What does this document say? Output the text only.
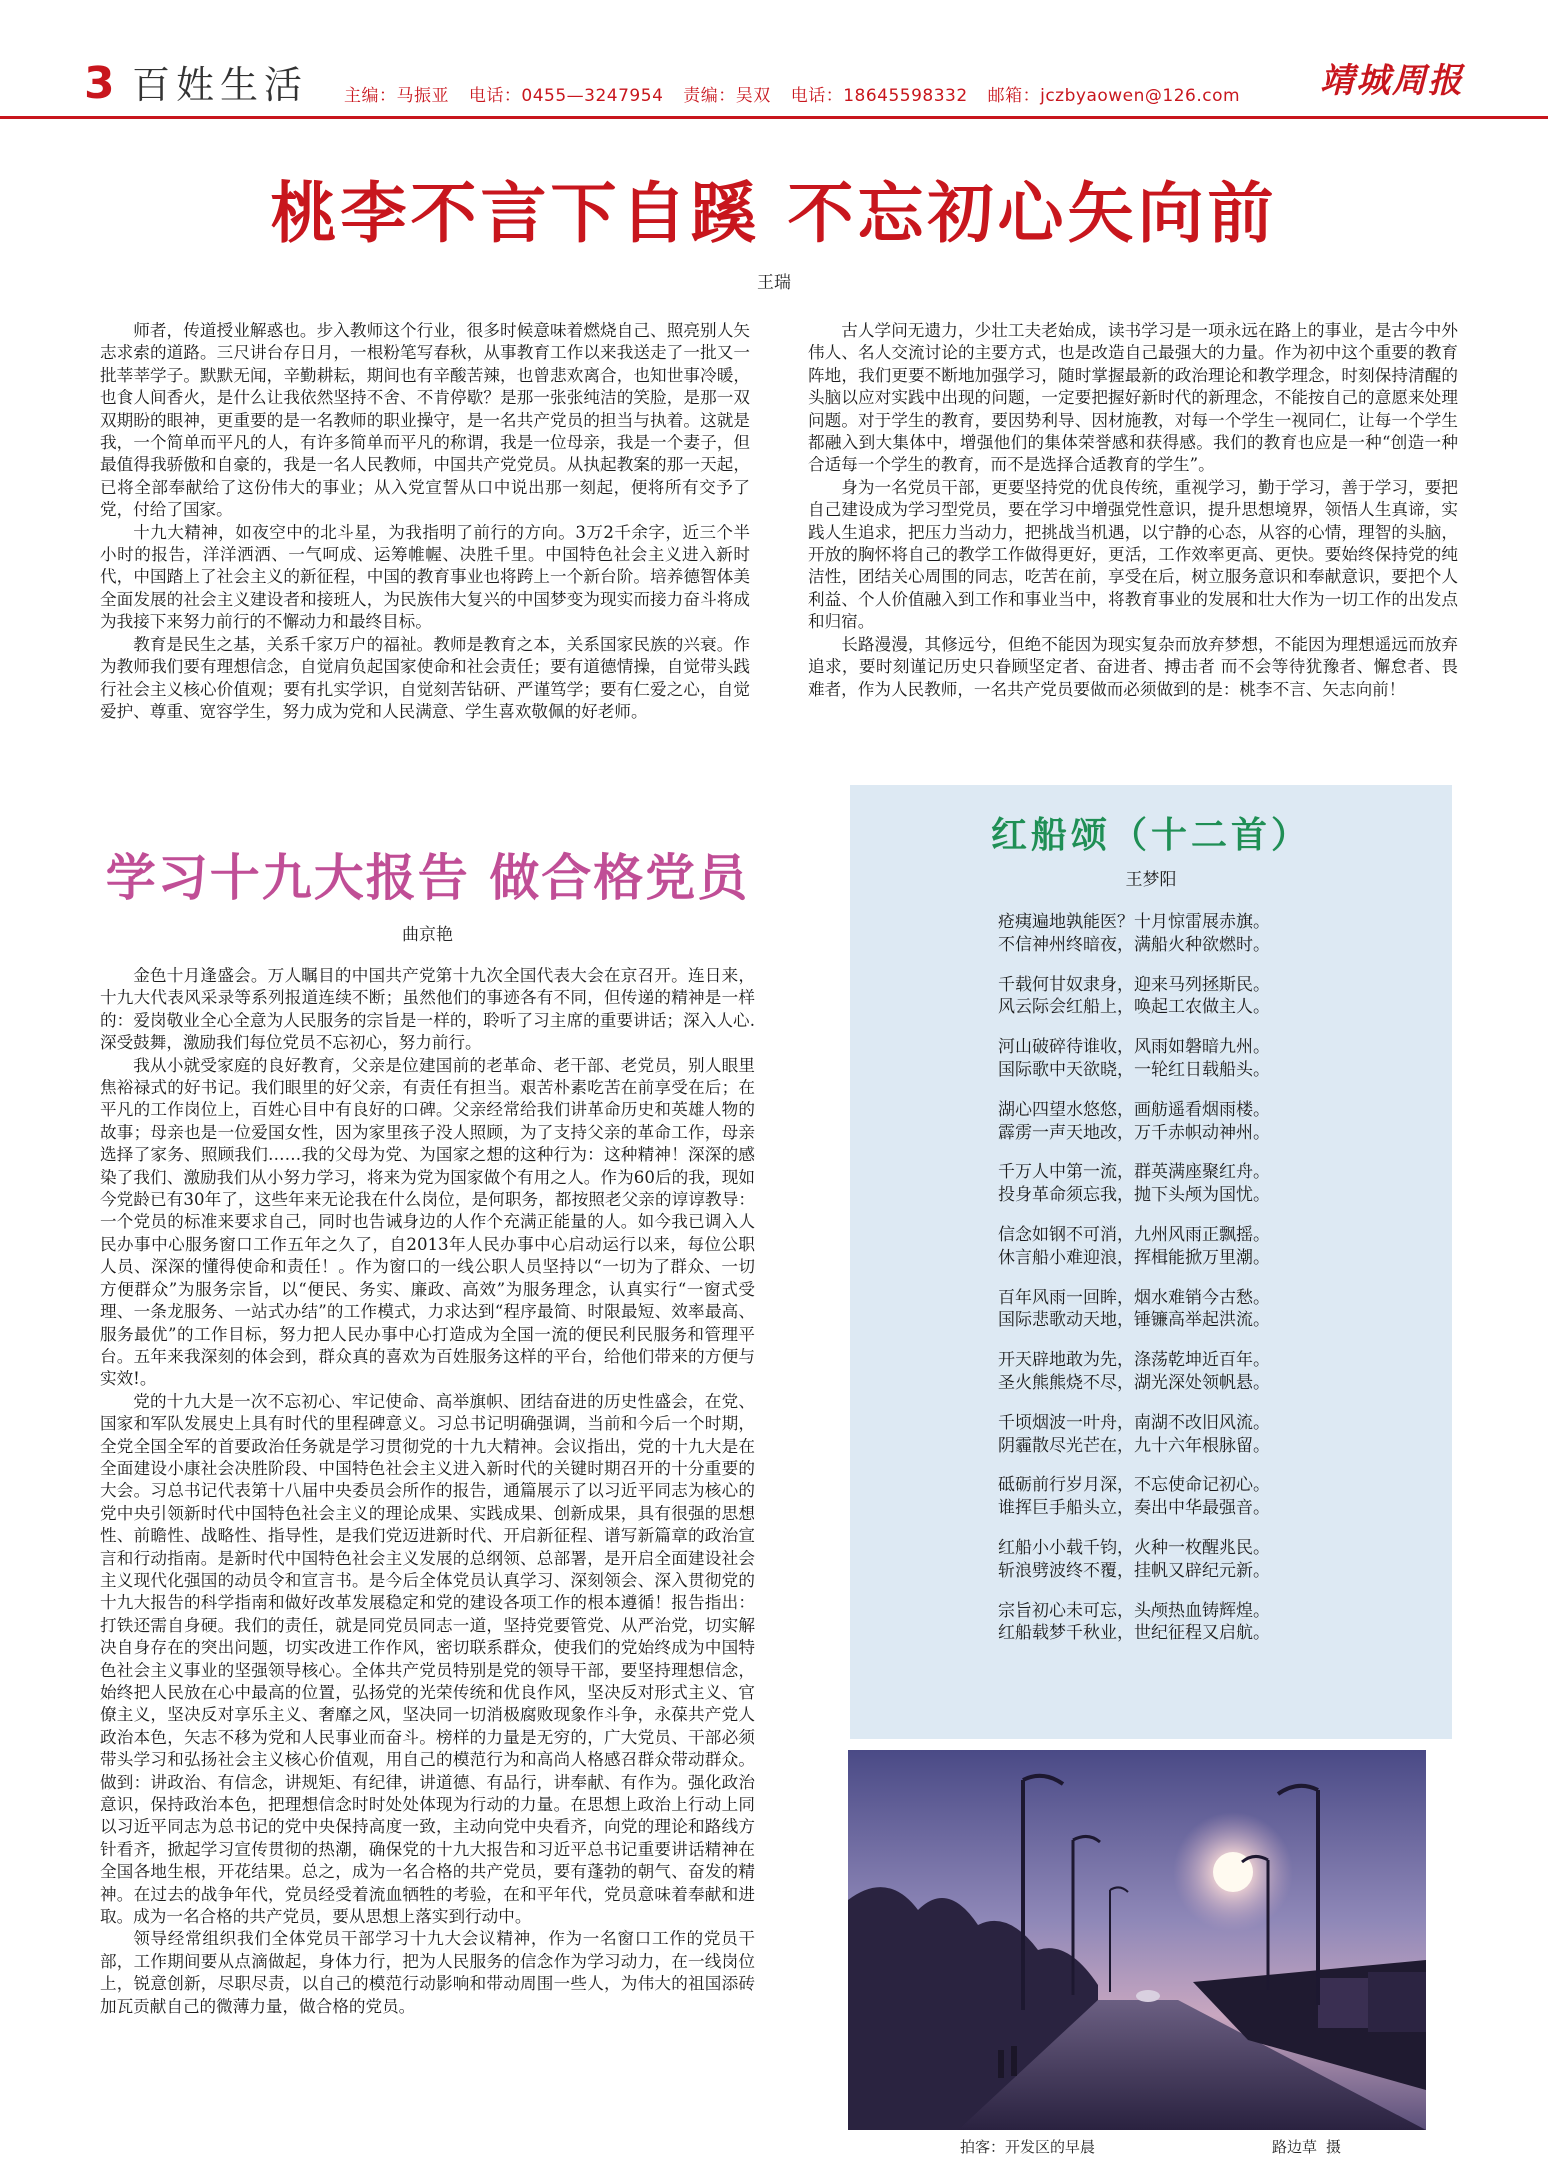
3 百姓生活 主编：马振亚 电话：0455—3247954 责编：吴双 电话：18645598332 邮箱：jczbyaowen@126.com	靖城周报
桃李不言下自蹊 不忘初心矢向前
王瑞

师者，传道授业解惑也。步入教师这个行业，很多时候意味着燃烧自己、照亮别人矢志求索的道路。三尺讲台存日月，一根粉笔写春秋，从事教育工作以来我送走了一批又一批莘莘学子。默默无闻，辛勤耕耘，期间也有辛酸苦辣，也曾悲欢离合，也知世事冷暖，也食人间香火，是什么让我依然坚持不舍、不肯停歇？是那一张张纯洁的笑脸，是那一双双期盼的眼神，更重要的是一名教师的职业操守，是一名共产党员的担当与执着。这就是我，一个简单而平凡的人，有许多简单而平凡的称谓，我是一位母亲，我是一个妻子，但最值得我骄傲和自豪的，我是一名人民教师，中国共产党党员。从执起教案的那一天起，已将全部奉献给了这份伟大的事业；从入党宣誓从口中说出那一刻起，便将所有交予了党，付给了国家。

十九大精神，如夜空中的北斗星，为我指明了前行的方向。3万2千余字，近三个半小时的报告，洋洋洒洒、一气呵成、运筹帷幄、决胜千里。中国特色社会主义进入新时代，中国踏上了社会主义的新征程，中国的教育事业也将跨上一个新台阶。培养德智体美全面发展的社会主义建设者和接班人，为民族伟大复兴的中国梦变为现实而接力奋斗将成为我接下来努力前行的不懈动力和最终目标。

教育是民生之基，关系千家万户的福祉。教师是教育之本，关系国家民族的兴衰。作为教师我们要有理想信念，自觉肩负起国家使命和社会责任；要有道德情操，自觉带头践行社会主义核心价值观；要有扎实学识，自觉刻苦钻研、严谨笃学；要有仁爱之心，自觉爱护、尊重、宽容学生，努力成为党和人民满意、学生喜欢敬佩的好老师。

古人学问无遗力，少壮工夫老始成，读书学习是一项永远在路上的事业，是古今中外伟人、名人交流讨论的主要方式，也是改造自己最强大的力量。作为初中这个重要的教育阵地，我们更要不断地加强学习，随时掌握最新的政治理论和教学理念，时刻保持清醒的头脑以应对实践中出现的问题，一定要把握好新时代的新理念，不能按自己的意愿来处理问题。对于学生的教育，要因势利导、因材施教，对每一个学生一视同仁，让每一个学生都融入到大集体中，增强他们的集体荣誉感和获得感。我们的教育也应是一种“创造一种合适每一个学生的教育，而不是选择合适教育的学生”。

身为一名党员干部，更要坚持党的优良传统，重视学习，勤于学习，善于学习，要把自己建设成为学习型党员，要在学习中增强党性意识，提升思想境界，领悟人生真谛，实践人生追求，把压力当动力，把挑战当机遇，以宁静的心态，从容的心情，理智的头脑，开放的胸怀将自己的教学工作做得更好，更活，工作效率更高、更快。要始终保持党的纯洁性，团结关心周围的同志，吃苦在前，享受在后，树立服务意识和奉献意识，要把个人利益、个人价值融入到工作和事业当中，将教育事业的发展和壮大作为一切工作的出发点和归宿。

长路漫漫，其修远兮，但绝不能因为现实复杂而放弃梦想，不能因为理想遥远而放弃追求，要时刻谨记历史只眷顾坚定者、奋进者、搏击者 而不会等待犹豫者、懈怠者、畏难者，作为人民教师，一名共产党员要做而必须做到的是：桃李不言、矢志向前！

学习十九大报告 做合格党员
曲京艳

金色十月逢盛会。万人瞩目的中国共产党第十九次全国代表大会在京召开。连日来，十九大代表风采录等系列报道连续不断；虽然他们的事迹各有不同，但传递的精神是一样的：爱岗敬业全心全意为人民服务的宗旨是一样的，聆听了习主席的重要讲话；深入人心.深受鼓舞，激励我们每位党员不忘初心，努力前行。

我从小就受家庭的良好教育，父亲是位建国前的老革命、老干部、老党员，别人眼里焦裕禄式的好书记。我们眼里的好父亲，有责任有担当。艰苦朴素吃苦在前享受在后；在平凡的工作岗位上，百姓心目中有良好的口碑。父亲经常给我们讲革命历史和英雄人物的故事；母亲也是一位爱国女性，因为家里孩子没人照顾，为了支持父亲的革命工作，母亲选择了家务、照顾我们……我的父母为党、为国家之想的这种行为：这种精神！深深的感染了我们、激励我们从小努力学习，将来为党为国家做个有用之人。作为60后的我，现如今党龄已有30年了，这些年来无论我在什么岗位，是何职务，都按照老父亲的谆谆教导：一个党员的标准来要求自己，同时也告诫身边的人作个充满正能量的人。如今我已调入人民办事中心服务窗口工作五年之久了，自2013年人民办事中心启动运行以来，每位公职人员、深深的懂得使命和责任！。作为窗口的一线公职人员坚持以“一切为了群众、一切方便群众”为服务宗旨，以“便民、务实、廉政、高效”为服务理念，认真实行“一窗式受理、一条龙服务、一站式办结”的工作模式，力求达到“程序最简、时限最短、效率最高、服务最优”的工作目标，努力把人民办事中心打造成为全国一流的便民利民服务和管理平台。五年来我深刻的体会到，群众真的喜欢为百姓服务这样的平台，给他们带来的方便与实效!。

党的十九大是一次不忘初心、牢记使命、高举旗帜、团结奋进的历史性盛会，在党、国家和军队发展史上具有时代的里程碑意义。习总书记明确强调，当前和今后一个时期，全党全国全军的首要政治任务就是学习贯彻党的十九大精神。会议指出，党的十九大是在全面建设小康社会决胜阶段、中国特色社会主义进入新时代的关键时期召开的十分重要的大会。习总书记代表第十八届中央委员会所作的报告，通篇展示了以习近平同志为核心的党中央引领新时代中国特色社会主义的理论成果、实践成果、创新成果，具有很强的思想性、前瞻性、战略性、指导性，是我们党迈进新时代、开启新征程、谱写新篇章的政治宣言和行动指南。是新时代中国特色社会主义发展的总纲领、总部署，是开启全面建设社会主义现代化强国的动员令和宣言书。是今后全体党员认真学习、深刻领会、深入贯彻党的十九大报告的科学指南和做好改革发展稳定和党的建设各项工作的根本遵循！报告指出：打铁还需自身硬。我们的责任，就是同党员同志一道，坚持党要管党、从严治党，切实解决自身存在的突出问题，切实改进工作作风，密切联系群众，使我们的党始终成为中国特色社会主义事业的坚强领导核心。全体共产党员特别是党的领导干部，要坚持理想信念，始终把人民放在心中最高的位置，弘扬党的光荣传统和优良作风，坚决反对形式主义、官僚主义，坚决反对享乐主义、奢靡之风，坚决同一切消极腐败现象作斗争，永葆共产党人政治本色，矢志不移为党和人民事业而奋斗。榜样的力量是无穷的，广大党员、干部必须带头学习和弘扬社会主义核心价值观，用自己的模范行为和高尚人格感召群众带动群众。做到：讲政治、有信念，讲规矩、有纪律，讲道德、有品行，讲奉献、有作为。强化政治意识，保持政治本色，把理想信念时时处处体现为行动的力量。在思想上政治上行动上同以习近平同志为总书记的党中央保持高度一致，主动向党中央看齐，向党的理论和路线方针看齐，掀起学习宣传贯彻的热潮，确保党的十九大报告和习近平总书记重要讲话精神在全国各地生根，开花结果。总之，成为一名合格的共产党员，要有蓬勃的朝气、奋发的精神。在过去的战争年代，党员经受着流血牺牲的考验，在和平年代，党员意味着奉献和进取。成为一名合格的共产党员，要从思想上落实到行动中。

领导经常组织我们全体党员干部学习十九大会议精神，作为一名窗口工作的党员干部，工作期间要从点滴做起，身体力行，把为人民服务的信念作为学习动力，在一线岗位上，锐意创新，尽职尽责，以自己的模范行动影响和带动周围一些人，为伟大的祖国添砖加瓦贡献自己的微薄力量，做合格的党员。

红船颂（十二首）
王梦阳
疮痍遍地孰能医？十月惊雷展赤旗。
不信神州终暗夜，满船火种欲燃时。
千载何甘奴隶身，迎来马列拯斯民。
风云际会红船上，唤起工农做主人。
河山破碎待谁收，风雨如磐暗九州。
国际歌中天欲晓，一轮红日载船头。
湖心四望水悠悠，画舫遥看烟雨楼。
霹雳一声天地改，万千赤帜动神州。
千万人中第一流，群英满座聚红舟。
投身革命须忘我，抛下头颅为国忧。
信念如钢不可消，九州风雨正飘摇。
休言船小难迎浪，挥楫能掀万里潮。
百年风雨一回眸，烟水难销今古愁。
国际悲歌动天地，锤镰高举起洪流。
开天辟地敢为先，涤荡乾坤近百年。
圣火熊熊烧不尽，湖光深处领帆悬。
千顷烟波一叶舟，南湖不改旧风流。
阴霾散尽光芒在，九十六年根脉留。
砥砺前行岁月深，不忘使命记初心。
谁挥巨手船头立，奏出中华最强音。
红船小小载千钧，火种一枚醒兆民。
斩浪劈波终不覆，挂帆又辟纪元新。
宗旨初心未可忘，头颅热血铸辉煌。
红船载梦千秋业，世纪征程又启航。
拍客：开发区的早晨	路边草 摄
